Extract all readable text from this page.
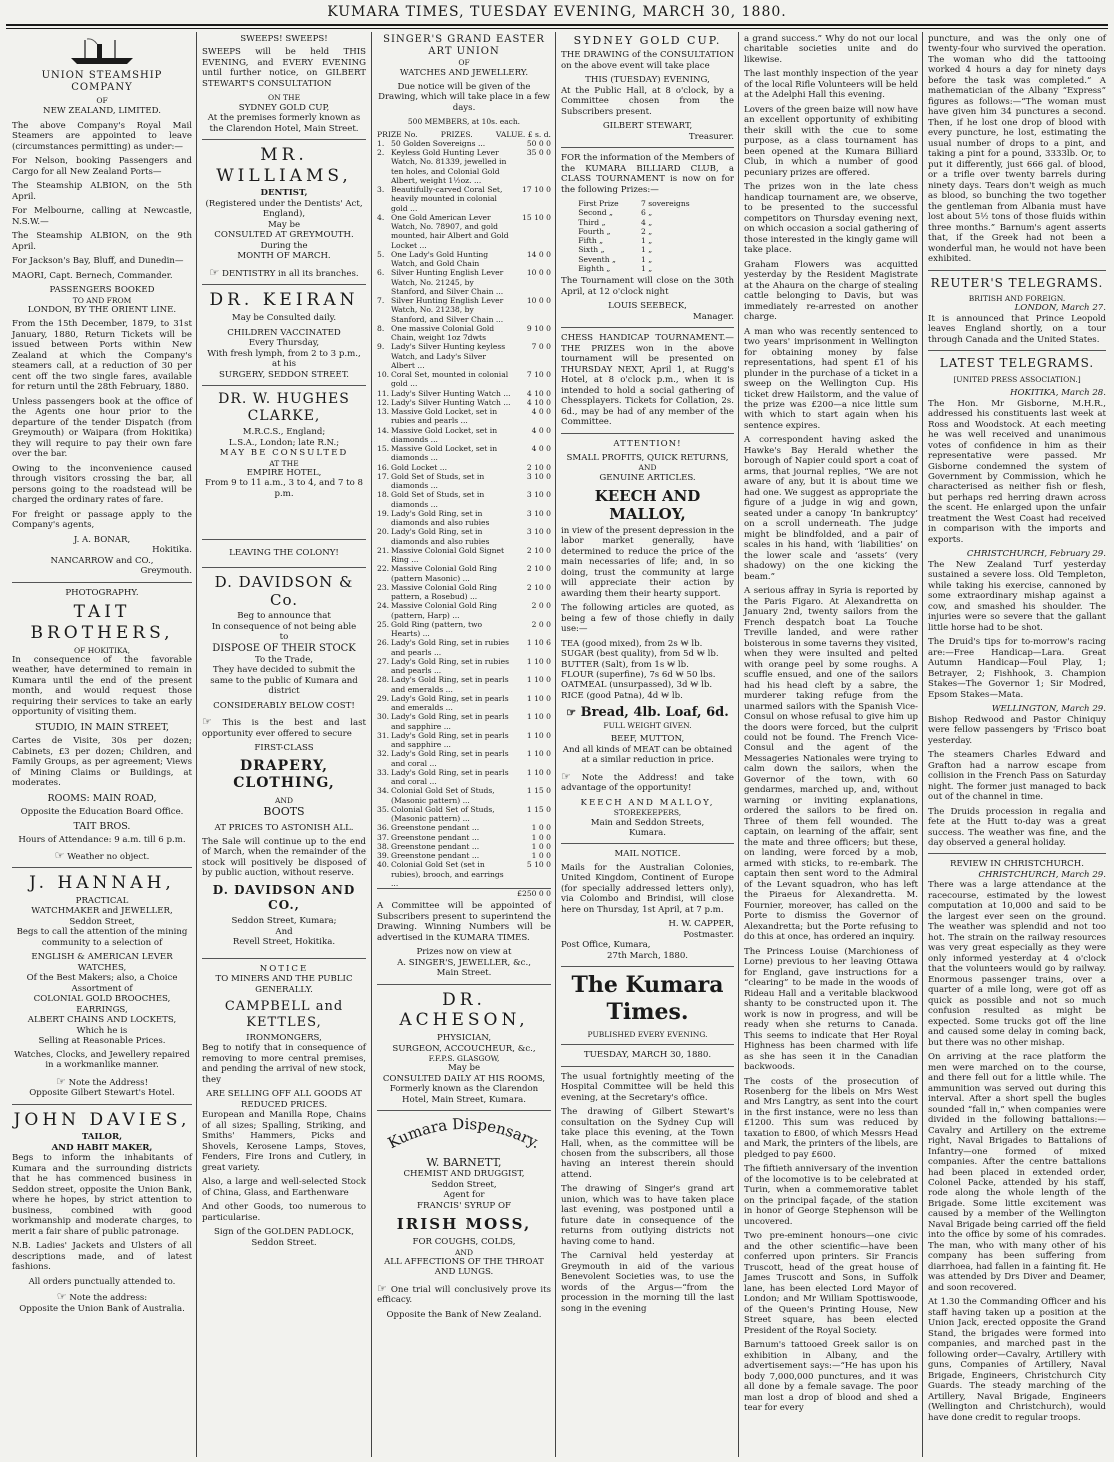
KUMARA TIMES, TUESDAY EVENING, MARCH 30, 1880.
UNION STEAMSHIP COMPANY
OF
NEW ZEALAND, LIMITED.

The above Company's Royal Mail Steamers are appointed to leave (circumstances permitting) as under:—

For Nelson, booking Passengers and Cargo for all New Zealand Ports—

The Steamship ALBION, on the 5th April.

For Melbourne, calling at Newcastle, N.S.W.—

The Steamship ALBION, on the 9th April.

For Jackson's Bay, Bluff, and Dunedin—

MAORI, Capt. Bernech, Commander.

PASSENGERS BOOKED
TO AND FROM
LONDON, BY THE ORIENT LINE.

From the 15th December, 1879, to 31st January, 1880, Return Tickets will be issued between Ports within New Zealand at which the Company's steamers call, at a reduction of 30 per cent off the two single fares, available for return until the 28th February, 1880.

Unless passengers book at the office of the Agents one hour prior to the departure of the tender Dispatch (from Greymouth) or Waipara (from Hokitika) they will require to pay their own fare over the bar.

Owing to the inconvenience caused through visitors crossing the bar, all persons going to the roadstead will be charged the ordinary rates of fare.

For freight or passage apply to the Company's agents,

J. A. BONAR,
Hokitika.
NANCARROW and CO.,
Greymouth.
PHOTOGRAPHY.
TAIT BROTHERS,
OF HOKITIKA,

In consequence of the favorable weather, have determined to remain in Kumara until the end of the present month, and would request those requiring their services to take an early opportunity of visiting them.

STUDIO, IN MAIN STREET,

Cartes de Visite, 30s per dozen; Cabinets, £3 per dozen; Children, and Family Groups, as per agreement; Views of Mining Claims or Buildings, at moderates.

ROOMS: MAIN ROAD,
Opposite the Education Board Office.
TAIT BROS.
Hours of Attendance: 9 a.m. till 6 p.m.
☞ Weather no object.
J. HANNAH,
PRACTICAL
WATCHMAKER and JEWELLER,
Seddon Street,

Begs to call the attention of the mining community to a selection of

ENGLISH & AMERICAN LEVER WATCHES,
Of the Best Makers; also, a Choice Assortment of
COLONIAL GOLD BROOCHES, EARRINGS,
ALBERT CHAINS AND LOCKETS,
Which he is
Selling at Reasonable Prices.

Watches, Clocks, and Jewellery repaired in a workmanlike manner.

☞ Note the Address!
Opposite Gilbert Stewart's Hotel.
JOHN DAVIES,
TAILOR,
AND HABIT MAKER,

Begs to inform the inhabitants of Kumara and the surrounding districts that he has commenced business in Seddon street, opposite the Union Bank, where he hopes, by strict attention to business, combined with good workmanship and moderate charges, to merit a fair share of public patronage.

N.B. Ladies' Jackets and Ulsters of all descriptions made, and of latest fashions.

All orders punctually attended to.
☞ Note the address:
Opposite the Union Bank of Australia.
SWEEPS! SWEEPS!

SWEEPS will be held THIS EVENING, and EVERY EVENING until further notice, on GILBERT STEWART'S CONSULTATION

ON THE
SYDNEY GOLD CUP,

At the premises formerly known as the Clarendon Hotel, Main Street.

MR. WILLIAMS,
DENTIST,
(Registered under the Dentists' Act, England),
May be
CONSULTED AT GREYMOUTH.
During the
MONTH OF MARCH.
☞ DENTISTRY in all its branches.
DR. KEIRAN
May be Consulted daily.
CHILDREN VACCINATED
Every Thursday,
With fresh lymph, from 2 to 3 p.m., at his
SURGERY, SEDDON STREET.
DR. W. HUGHES CLARKE,
M.R.C.S., England;
L.S.A., London; late R.N.;
MAY BE CONSULTED
AT THE
EMPIRE HOTEL,
From 9 to 11 a.m., 3 to 4, and 7 to 8 p.m.
LEAVING THE COLONY!
D. DAVIDSON & Co.
Beg to announce that
In consequence of not being able
to
DISPOSE OF THEIR STOCK
To the Trade,

They have decided to submit the same to the public of Kumara and district

CONSIDERABLY BELOW COST!

☞ This is the best and last opportunity ever offered to secure

FIRST-CLASS
DRAPERY, CLOTHING,
AND
BOOTS
AT PRICES TO ASTONISH ALL.

The Sale will continue up to the end of March, when the remainder of the stock will positively be disposed of by public auction, without reserve.

D. DAVIDSON AND CO.,
Seddon Street, Kumara;
And
Revell Street, Hokitika.
NOTICE
TO MINERS AND THE PUBLIC GENERALLY.
CAMPBELL and KETTLES,
IRONMONGERS,

Beg to notify that in consequence of removing to more central premises, and pending the arrival of new stock, they

ARE SELLING OFF ALL GOODS AT REDUCED PRICES.

European and Manilla Rope, Chains of all sizes; Spalling, Striking, and Smiths' Hammers, Picks and Shovels, Kerosene Lamps, Stoves, Fenders, Fire Irons and Cutlery, in great variety.

Also, a large and well-selected Stock of China, Glass, and Earthenware

And other Goods, too numerous to particularise.

Sign of the GOLDEN PADLOCK,
Seddon Street.
SINGER'S GRAND EASTER ART UNION
OF
WATCHES AND JEWELLERY.

Due notice will be given of the Drawing, which will take place in a few days.

500 MEMBERS, at 10s. each.
PRIZE No.	PRIZES.	VALUE. £ s. d.
1.	50 Golden Sovereigns ...	50 0 0
2.	Keyless Gold Hunting Lever Watch, No. 81339, jewelled in ten holes, and Colonial Gold Albert, weight 1½oz. ...	35 0 0
3.	Beautifully-carved Coral Set, heavily mounted in colonial gold ...	17 10 0
4.	One Gold American Lever Watch, No. 78907, and gold mounted, hair Albert and Gold Locket ...	15 10 0
5.	One Lady's Gold Hunting Watch, and Gold Chain	14 0 0
6.	Silver Hunting English Lever Watch, No. 21245, by Stanford, and Silver Chain ...	10 0 0
7.	Silver Hunting English Lever Watch, No. 21238, by Stanford, and Silver Chain ...	10 0 0
8.	One massive Colonial Gold Chain, weight 1oz 7dwts	9 10 0
9.	Lady's Silver Hunting keyless Watch, and Lady's Silver Albert ...	7 0 0
10.	Coral Set, mounted in colonial gold ...	7 10 0
11.	Lady's Silver Hunting Watch ...	4 10 0
12.	Lady's Silver Hunting Watch ...	4 10 0
13.	Massive Gold Locket, set in rubies and pearls ...	4 0 0
14.	Massive Gold Locket, set in diamonds ...	4 0 0
15.	Massive Gold Locket, set in diamonds ...	4 0 0
16.	Gold Locket ...	2 10 0
17.	Gold Set of Studs, set in diamonds ...	3 10 0
18.	Gold Set of Studs, set in diamonds ...	3 10 0
19.	Lady's Gold Ring, set in diamonds and also rubies	3 10 0
20.	Lady's Gold Ring, set in diamonds and also rubies	3 10 0
21.	Massive Colonial Gold Signet Ring ...	2 10 0
22.	Massive Colonial Gold Ring (pattern Masonic) ...	2 10 0
23.	Massive Colonial Gold Ring pattern, a Rosebud) ...	2 10 0
24.	Massive Colonial Gold Ring (pattern, Harp) ...	2 0 0
25.	Gold Ring (pattern, two Hearts) ...	2 0 0
26.	Lady's Gold Ring, set in rubies and pearls ...	1 10 6
27.	Lady's Gold Ring, set in rubies and pearls ...	1 10 0
28.	Lady's Gold Ring, set in pearls and emeralds ...	1 10 0
29.	Lady's Gold Ring, set in pearls and emeralds ...	1 10 0
30.	Lady's Gold Ring, set in pearls and sapphire ...	1 10 0
31.	Lady's Gold Ring, set in pearls and sapphire ...	1 10 0
32.	Lady's Gold Ring, set in pearls and coral ...	1 10 0
33.	Lady's Gold Ring, set in pearls and coral ...	1 10 0
34.	Colonial Gold Set of Studs, (Masonic pattern) ...	1 15 0
35.	Colonial Gold Set of Studs, (Masonic pattern) ...	1 15 0
36.	Greenstone pendant ...	1 0 0
37.	Greenstone pendant ...	1 0 0
38.	Greenstone pendant ...	1 0 0
39.	Greenstone pendant ...	1 0 0
40.	Colonial Gold Set (set in rubies), brooch, and earrings ...	5 10 0
£250 0 0

A Committee will be appointed of Subscribers present to superintend the Drawing. Winning Numbers will be advertised in the KUMARA TIMES.

Prizes now on view at
A. SINGER'S, JEWELLER, &c.,
Main Street.
DR. ACHESON,
PHYSICIAN,
SURGEON, ACCOUCHEUR, &c.,
F.F.P.S. GLASGOW,
May be
CONSULTED DAILY AT HIS ROOMS,

Formerly known as the Clarendon Hotel, Main Street, Kumara.

Kumara Dispensary.
W. BARNETT,
CHEMIST AND DRUGGIST,
Seddon Street,
Agent for
FRANCIS' SYRUP OF
IRISH MOSS,
FOR COUGHS, COLDS,
AND
ALL AFFECTIONS OF THE THROAT AND LUNGS.

☞ One trial will conclusively prove its efficacy.

Opposite the Bank of New Zealand.
SYDNEY GOLD CUP.

THE DRAWING of the CONSULTATION on the above event will take place

THIS (TUESDAY) EVENING,

At the Public Hall, at 8 o'clock, by a Committee chosen from the Subscribers present.

GILBERT STEWART,
Treasurer.

FOR the information of the Members of the KUMARA BILLIARD CLUB, a CLASS TOURNAMENT is now on for the following Prizes:—

First Prize	7 sovereigns
Second „	6 „
Third „	4 „
Fourth „	2 „
Fifth „	1 „
Sixth „	1 „
Seventh „	1 „
Eighth „	1 „

The Tournament will close on the 30th April, at 12 o'clock night

LOUIS SEEBECK,
Manager.

CHESS HANDICAP TOURNAMENT.—THE PRIZES won in the above tournament will be presented on THURSDAY NEXT, April 1, at Rugg's Hotel, at 8 o'clock p.m., when it is intended to hold a social gathering of Chessplayers. Tickets for Collation, 2s. 6d., may be had of any member of the Committee.

ATTENTION!
SMALL PROFITS, QUICK RETURNS,
AND
GENUINE ARTICLES.
KEECH AND MALLOY,

in view of the present depression in the labor market generally, have determined to reduce the price of the main necessaries of life; and, in so doing, trust the community at large will appreciate their action by awarding them their hearty support.

The following articles are quoted, as being a few of those chiefly in daily use:—

TEA (good mixed), from 2s ₩ lb.
SUGAR (best quality), from 5d ₩ lb.
BUTTER (Salt), from 1s ₩ lb.
FLOUR (superfine), 7s 6d ₩ 50 lbs.
OATMEAL (unsurpassed), 3d ₩ lb.
RICE (good Patna), 4d ₩ lb.
☞ Bread, 4lb. Loaf, 6d.
FULL WEIGHT GIVEN.
BEEF, MUTTON,

And all kinds of MEAT can be obtained at a similar reduction in price.

☞ Note the Address! and take advantage of the opportunity!

KEECH AND MALLOY,
STOREKEEPERS,
Main and Seddon Streets,
Kumara.
MAIL NOTICE.

Mails for the Australian Colonies, United Kingdom, Continent of Europe (for specially addressed letters only), via Colombo and Brindisi, will close here on Thursday, 1st April, at 7 p.m.

H. W. CAPPER,
Postmaster.
Post Office, Kumara,
27th March, 1880.
The Kumara Times.
PUBLISHED EVERY EVENING.
TUESDAY, MARCH 30, 1880.

The usual fortnightly meeting of the Hospital Committee will be held this evening, at the Secretary's office.

The drawing of Gilbert Stewart's consultation on the Sydney Cup will take place this evening, at the Town Hall, when, as the committee will be chosen from the subscribers, all those having an interest therein should attend.

The drawing of Singer's grand art union, which was to have taken place last evening, was postponed until a future date in consequence of the returns from outlying districts not having come to hand.

The Carnival held yesterday at Greymouth in aid of the various Benevolent Societies was, to use the words of the Argus—“from the procession in the morning till the last song in the evening

a grand success.” Why do not our local charitable societies unite and do likewise.

The last monthly inspection of the year of the local Rifle Volunteers will be held at the Adelphi Hall this evening.

Lovers of the green baize will now have an excellent opportunity of exhibiting their skill with the cue to some purpose, as a class tournament has been opened at the Kumara Billiard Club, in which a number of good pecuniary prizes are offered.

The prizes won in the late chess handicap tournament are, we observe, to be presented to the successful competitors on Thursday evening next, on which occasion a social gathering of those interested in the kingly game will take place.

Graham Flowers was acquitted yesterday by the Resident Magistrate at the Ahaura on the charge of stealing cattle belonging to Davis, but was immediately re-arrested on another charge.

A man who was recently sentenced to two years' imprisonment in Wellington for obtaining money by false representations, had spent £1 of his plunder in the purchase of a ticket in a sweep on the Wellington Cup. His ticket drew Hailstorm, and the value of the prize was £200—a nice little sum with which to start again when his sentence expires.

A correspondent having asked the Hawke's Bay Herald whether the borough of Napier could sport a coat of arms, that journal replies, “We are not aware of any, but it is about time we had one. We suggest as appropriate the figure of a judge in wig and gown, seated under a canopy ‘In bankruptcy’ on a scroll underneath. The judge might be blindfolded, and a pair of scales in his hand, with ‘liabilities’ on the lower scale and ‘assets’ (very shadowy) on the one kicking the beam.”

A serious affray in Syria is reported by the Paris Figaro. At Alexandretta on January 2nd, twenty sailors from the French despatch boat La Touche Treville landed, and were rather boisterous in some taverns they visited, when they were insulted and pelted with orange peel by some roughs. A scuffle ensued, and one of the sailors had his head cleft by a sabre, the murderer taking refuge from the unarmed sailors with the Spanish Vice-Consul on whose refusal to give him up the doors were forced, but the culprit could not be found. The French Vice-Consul and the agent of the Messageries Nationales were trying to calm down the sailors, when the Governor of the town, with 60 gendarmes, marched up, and, without warning or inviting explanations, ordered the sailors to be fired on. Three of them fell wounded. The captain, on learning of the affair, sent the mate and three officers; but these, on landing, were forced by a mob, armed with sticks, to re-embark. The captain then sent word to the Admiral of the Levant squadron, who has left the Piraeus for Alexandretta. M. Fournier, moreover, has called on the Porte to dismiss the Governor of Alexandretta; but the Porte refusing to do this at once, has ordered an inquiry.

The Princess Louise (Marchioness of Lorne) previous to her leaving Ottawa for England, gave instructions for a “clearing” to be made in the woods of Rideau Hall and a veritable blackwood shanty to be constructed upon it. The work is now in progress, and will be ready when she returns to Canada. This seems to indicate that Her Royal Highness has been charmed with life as she has seen it in the Canadian backwoods.

The costs of the prosecution of Rosenberg for the libels on Mrs West and Mrs Langtry, as sent into the court in the first instance, were no less than £1200. This sum was reduced by taxation to £800, of which Messrs Head and Mark, the printers of the libels, are pledged to pay £600.

The fiftieth anniversary of the invention of the locomotive is to be celebrated at Turin, when a commemorative tablet on the principal façade, of the station in honor of George Stephenson will be uncovered.

Two pre-eminent honours—one civic and the other scientific—have been conferred upon printers. Sir Francis Truscott, head of the great house of James Truscott and Sons, in Suffolk lane, has been elected Lord Mayor of London; and Mr William Spottiswoode, of the Queen's Printing House, New Street square, has been elected President of the Royal Society.

Barnum's tattooed Greek sailor is on exhibition in Albany, and the advertisement says:—“He has upon his body 7,000,000 punctures, and it was all done by a female savage. The poor man lost a drop of blood and shed a tear for every

puncture, and was the only one of twenty-four who survived the operation. The woman who did the tattooing worked 4 hours a day for ninety days before the task was completed.” A mathematician of the Albany “Express” figures as follows:—“The woman must have given him 34 punctures a second. Then, if he lost one drop of blood with every puncture, he lost, estimating the usual number of drops to a pint, and taking a pint for a pound, 3333lb. Or, to put it differently, just 666 gal. of blood, or a trifle over twenty barrels during ninety days. Tears don't weigh as much as blood, so bunching the two together the gentleman from Albania must have lost about 5½ tons of those fluids within three months.” Barnum's agent asserts that, if the Greek had not been a wonderful man, he would not have been exhibited.

REUTER'S TELEGRAMS.
BRITISH AND FOREIGN.
LONDON, March 27.

It is announced that Prince Leopold leaves England shortly, on a tour through Canada and the United States.

LATEST TELEGRAMS.
[UNITED PRESS ASSOCIATION.]
HOKITIKA, March 28.

The Hon. Mr Gisborne, M.H.R., addressed his constituents last week at Ross and Woodstock. At each meeting he was well received and unanimous votes of confidence in him as their representative were passed. Mr Gisborne condemned the system of Government by Commission, which he characterised as neither fish or flesh, but perhaps red herring drawn across the scent. He enlarged upon the unfair treatment the West Coast had received in comparison with the imports and exports.

CHRISTCHURCH, February 29.

The New Zealand Turf yesterday sustained a severe loss. Old Templeton, while taking his exercise, cannoned by some extraordinary mishap against a cow, and smashed his shoulder. The injuries were so severe that the gallant little horse had to be shot.

The Druid's tips for to-morrow's racing are:—Free Handicap—Lara. Great Autumn Handicap—Foul Play, 1; Betrayer, 2; Fishhook, 3. Champion Stakes—The Governor 1; Sir Modred, Epsom Stakes—Mata.

WELLINGTON, March 29.

Bishop Redwood and Pastor Chiniquy were fellow passengers by 'Frisco boat yesterday.

The steamers Charles Edward and Grafton had a narrow escape from collision in the French Pass on Saturday night. The former just managed to back out of the channel in time.

The Druids procession in regalia and fete at the Hutt to-day was a great success. The weather was fine, and the day observed a general holiday.

REVIEW IN CHRISTCHURCH.
CHRISTCHURCH, March 29.

There was a large attendance at the racecourse, estimated by the lowest computation at 10,000 and said to be the largest ever seen on the ground. The weather was splendid and not too hot. The strain on the railway resources was very great especially as they were only informed yesterday at 4 o'clock that the volunteers would go by railway. Enormous passenger trains, over a quarter of a mile long, were got off as quick as possible and not so much confusion resulted as might be expected. Some trucks got off the line and caused some delay in coming back, but there was no other mishap.

On arriving at the race platform the men were marched on to the course, and there fell out for a little while. The ammunition was served out during this interval. After a short spell the bugles sounded “fall in,” when companies were divided in the following battalions:—Cavalry and Artillery on the extreme right, Naval Brigades to Battalions of Infantry—one formed of mixed companies. After the centre battalions had been placed in extended order, Colonel Packe, attended by his staff, rode along the whole length of the Brigade. Some little excitement was caused by a member of the Wellington Naval Brigade being carried off the field into the office by some of his comrades. The man, who with many other of his company has been suffering from diarrhoea, had fallen in a fainting fit. He was attended by Drs Diver and Deamer, and soon recovered.

At 1.30 the Commanding Officer and his staff having taken up a position at the Union Jack, erected opposite the Grand Stand, the brigades were formed into companies, and marched past in the following order—Cavalry, Artillery with guns, Companies of Artillery, Naval Brigade, Engineers, Christchurch City Guards. The steady marching of the Artillery, Naval Brigade, Engineers (Wellington and Christchurch), would have done credit to regular troops.
